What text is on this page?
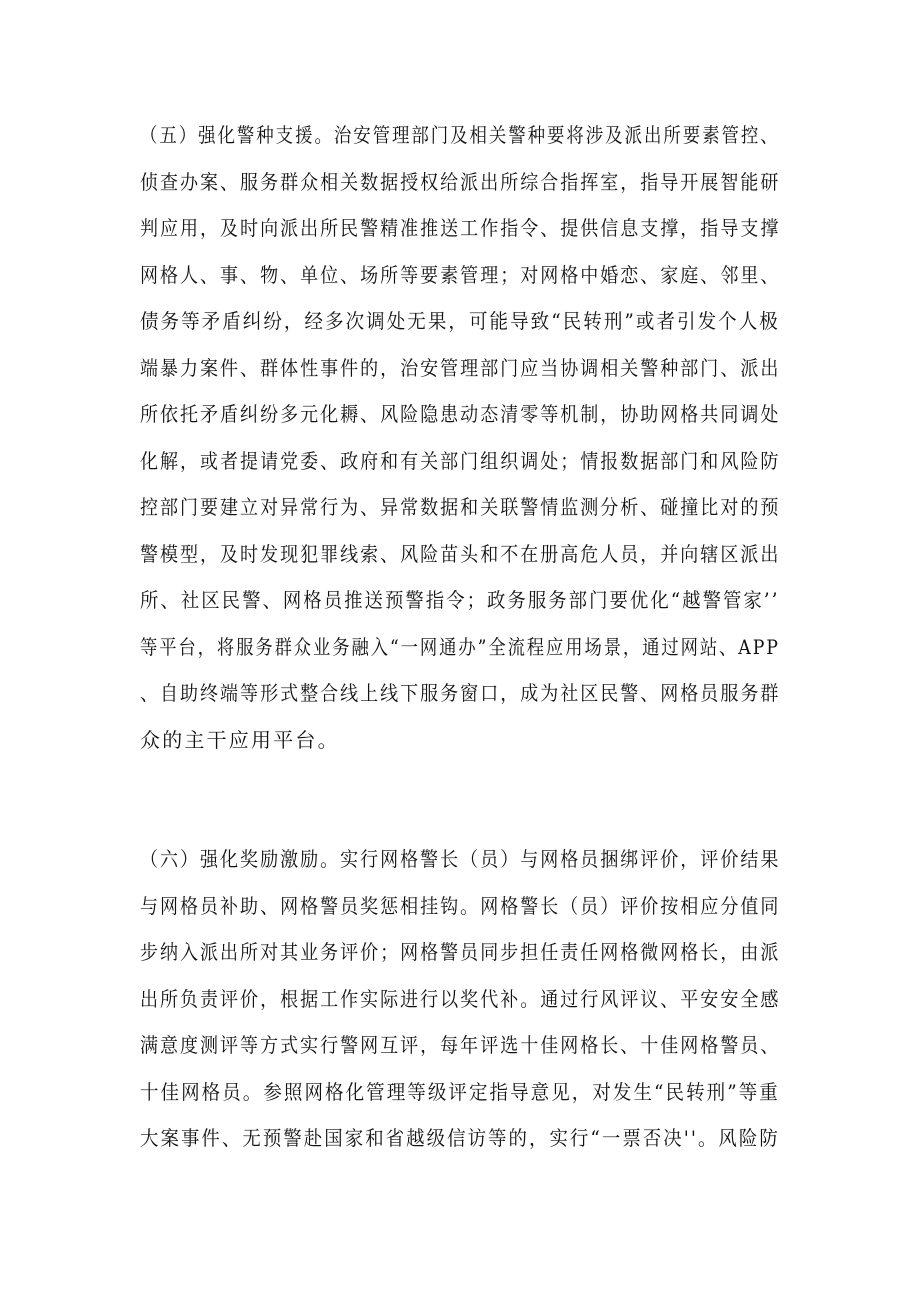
（五）强化警种支援。治安管理部门及相关警种要将涉及派出所要素管控、
侦查办案、服务群众相关数据授权给派出所综合指挥室，指导开展智能研
判应用，及时向派出所民警精准推送工作指令、提供信息支撑，指导支撑
网格人、事、物、单位、场所等要素管理；对网格中婚恋、家庭、邻里、
债务等矛盾纠纷，经多次调处无果，可能导致“民转刑”或者引发个人极
端暴力案件、群体性事件的，治安管理部门应当协调相关警种部门、派出
所依托矛盾纠纷多元化耨、风险隐患动态清零等机制，协助网格共同调处
化解，或者提请党委、政府和有关部门组织调处；情报数据部门和风险防
控部门要建立对异常行为、异常数据和关联警情监测分析、碰撞比对的预
警模型，及时发现犯罪线索、风险苗头和不在册高危人员，并向辖区派出
所、社区民警、网格员推送预警指令；政务服务部门要优化“越警管家’’
等平台，将服务群众业务融入“一网通办”全流程应用场景，通过网站、APP
、自助终端等形式整合线上线下服务窗口，成为社区民警、网格员服务群
众的主干应用平台。
（六）强化奖励激励。实行网格警长（员）与网格员捆绑评价，评价结果
与网格员补助、网格警员奖惩相挂钩。网格警长（员）评价按相应分值同
步纳入派出所对其业务评价；网格警员同步担任责任网格微网格长，由派
出所负责评价，根据工作实际进行以奖代补。通过行风评议、平安安全感
满意度测评等方式实行警网互评，每年评选十佳网格长、十佳网格警员、
十佳网格员。参照网格化管理等级评定指导意见，对发生“民转刑”等重
大案事件、无预警赴国家和省越级信访等的，实行“一票否决''。风险防
